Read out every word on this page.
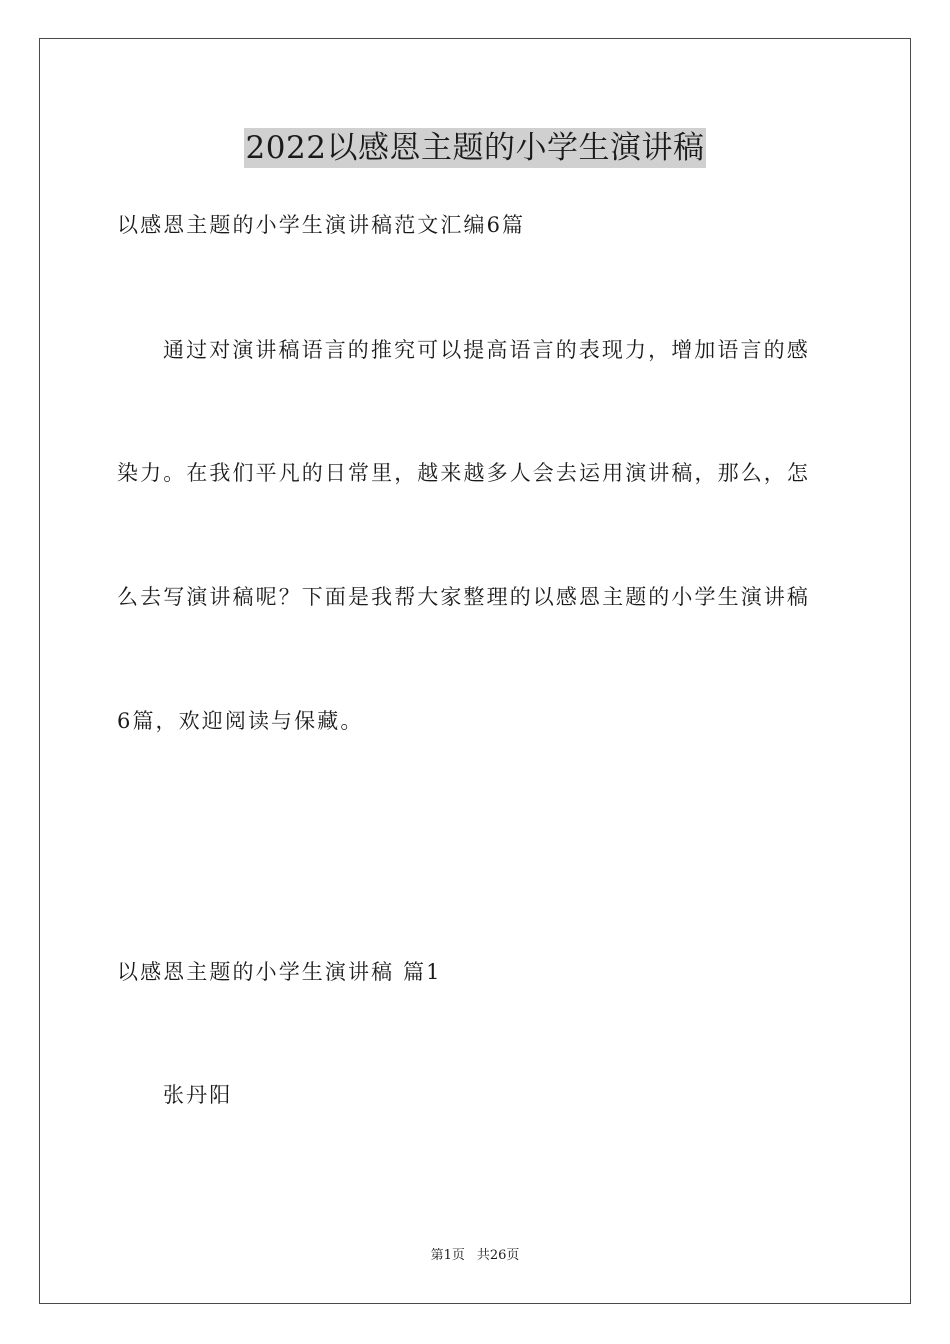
2022以感恩主题的小学生演讲稿
以感恩主题的小学生演讲稿范文汇编6篇
通过对演讲稿语言的推究可以提高语言的表现力，增加语言的感
染力。在我们平凡的日常里，越来越多人会去运用演讲稿，那么，怎
么去写演讲稿呢？下面是我帮大家整理的以感恩主题的小学生演讲稿
6篇，欢迎阅读与保藏。
以感恩主题的小学生演讲稿 篇1
张丹阳
第1页 共26页
